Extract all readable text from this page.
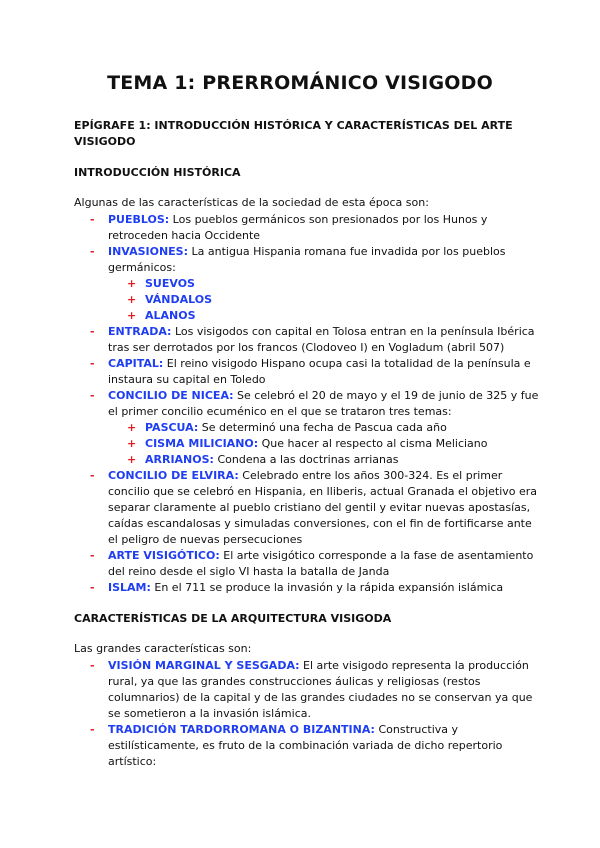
TEMA 1: PRERROMÁNICO VISIGODO
EPÍGRAFE 1: INTRODUCCIÓN HISTÓRICA Y CARACTERÍSTICAS DEL ARTE
VISIGODO
INTRODUCCIÓN HISTÓRICA
Algunas de las características de la sociedad de esta época son:
- PUEBLOS: Los pueblos germánicos son presionados por los Hunos y
retroceden hacia Occidente
- INVASIONES: La antigua Hispania romana fue invadida por los pueblos
germánicos:
+ SUEVOS
+ VÁNDALOS
+ ALANOS
- ENTRADA: Los visigodos con capital en Tolosa entran en la península Ibérica
tras ser derrotados por los francos (Clodoveo I) en Vogladum (abril 507)
- CAPITAL: El reino visigodo Hispano ocupa casi la totalidad de la península e
instaura su capital en Toledo
- CONCILIO DE NICEA: Se celebró el 20 de mayo y el 19 de junio de 325 y fue
el primer concilio ecuménico en el que se trataron tres temas:
+ PASCUA: Se determinó una fecha de Pascua cada año
+ CISMA MILICIANO: Que hacer al respecto al cisma Meliciano
+ ARRIANOS: Condena a las doctrinas arrianas
- CONCILIO DE ELVIRA: Celebrado entre los años 300-324. Es el primer
concilio que se celebró en Hispania, en Iliberis, actual Granada el objetivo era
separar claramente al pueblo cristiano del gentil y evitar nuevas apostasías,
caídas escandalosas y simuladas conversiones, con el fin de fortificarse ante
el peligro de nuevas persecuciones
- ARTE VISIGÓTICO: El arte visigótico corresponde a la fase de asentamiento
del reino desde el siglo VI hasta la batalla de Janda
- ISLAM: En el 711 se produce la invasión y la rápida expansión islámica
CARACTERÍSTICAS DE LA ARQUITECTURA VISIGODA
Las grandes características son:
- VISIÓN MARGINAL Y SESGADA: El arte visigodo representa la producción
rural, ya que las grandes construcciones áulicas y religiosas (restos
columnarios) de la capital y de las grandes ciudades no se conservan ya que
se sometieron a la invasión islámica.
- TRADICIÓN TARDORROMANA O BIZANTINA: Constructiva y
estilísticamente, es fruto de la combinación variada de dicho repertorio
artístico:
